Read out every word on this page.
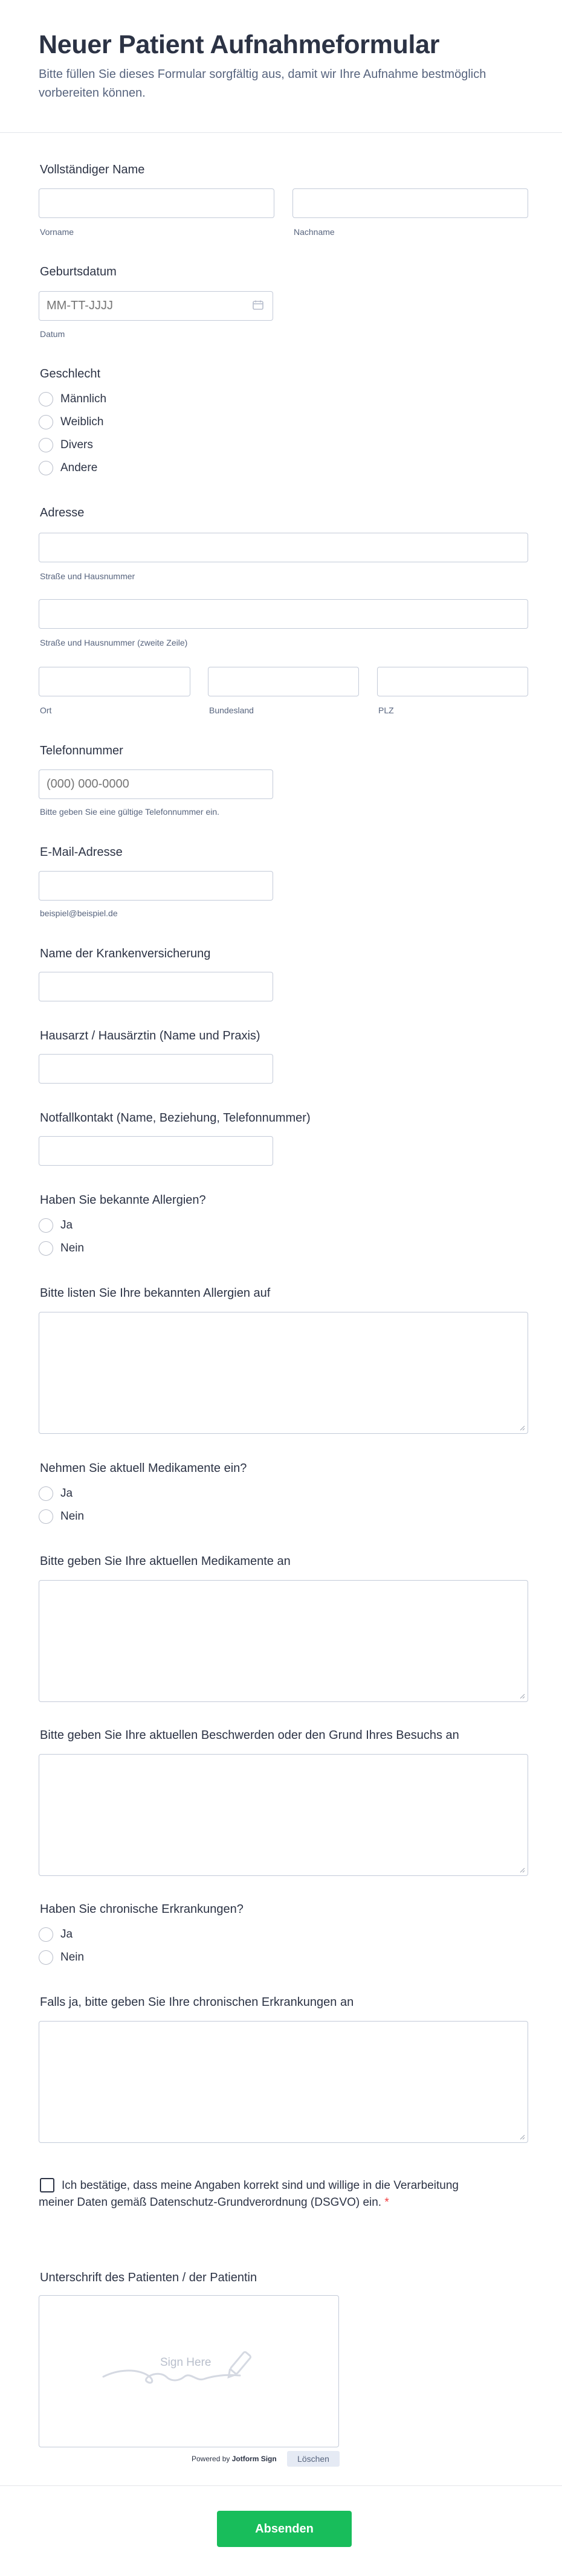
Neuer Patient Aufnahmeformular
Bitte füllen Sie dieses Formular sorgfältig aus, damit wir Ihre Aufnahme bestmöglich vorbereiten können.
Vollständiger Name
Vorname	Nachname
Geburtsdatum
MM-TT-JJJJ
Datum
Geschlecht
Männlich
Weiblich
Divers
Andere
Adresse
Straße und Hausnummer
Straße und Hausnummer (zweite Zeile)
Ort	Bundesland	PLZ
Telefonnummer
(000) 000-0000
Bitte geben Sie eine gültige Telefonnummer ein.
E-Mail-Adresse
beispiel@beispiel.de
Name der Krankenversicherung
Hausarzt / Hausärztin (Name und Praxis)
Notfallkontakt (Name, Beziehung, Telefonnummer)
Haben Sie bekannte Allergien?
Ja
Nein
Bitte listen Sie Ihre bekannten Allergien auf
Nehmen Sie aktuell Medikamente ein?
Ja
Nein
Bitte geben Sie Ihre aktuellen Medikamente an
Bitte geben Sie Ihre aktuellen Beschwerden oder den Grund Ihres Besuchs an
Haben Sie chronische Erkrankungen?
Ja
Nein
Falls ja, bitte geben Sie Ihre chronischen Erkrankungen an
Ich bestätige, dass meine Angaben korrekt sind und willige in die Verarbeitung meiner Daten gemäß Datenschutz-Grundverordnung (DSGVO) ein. *
Unterschrift des Patienten / der Patientin
Sign Here
Powered by Jotform Sign	Löschen
Absenden
